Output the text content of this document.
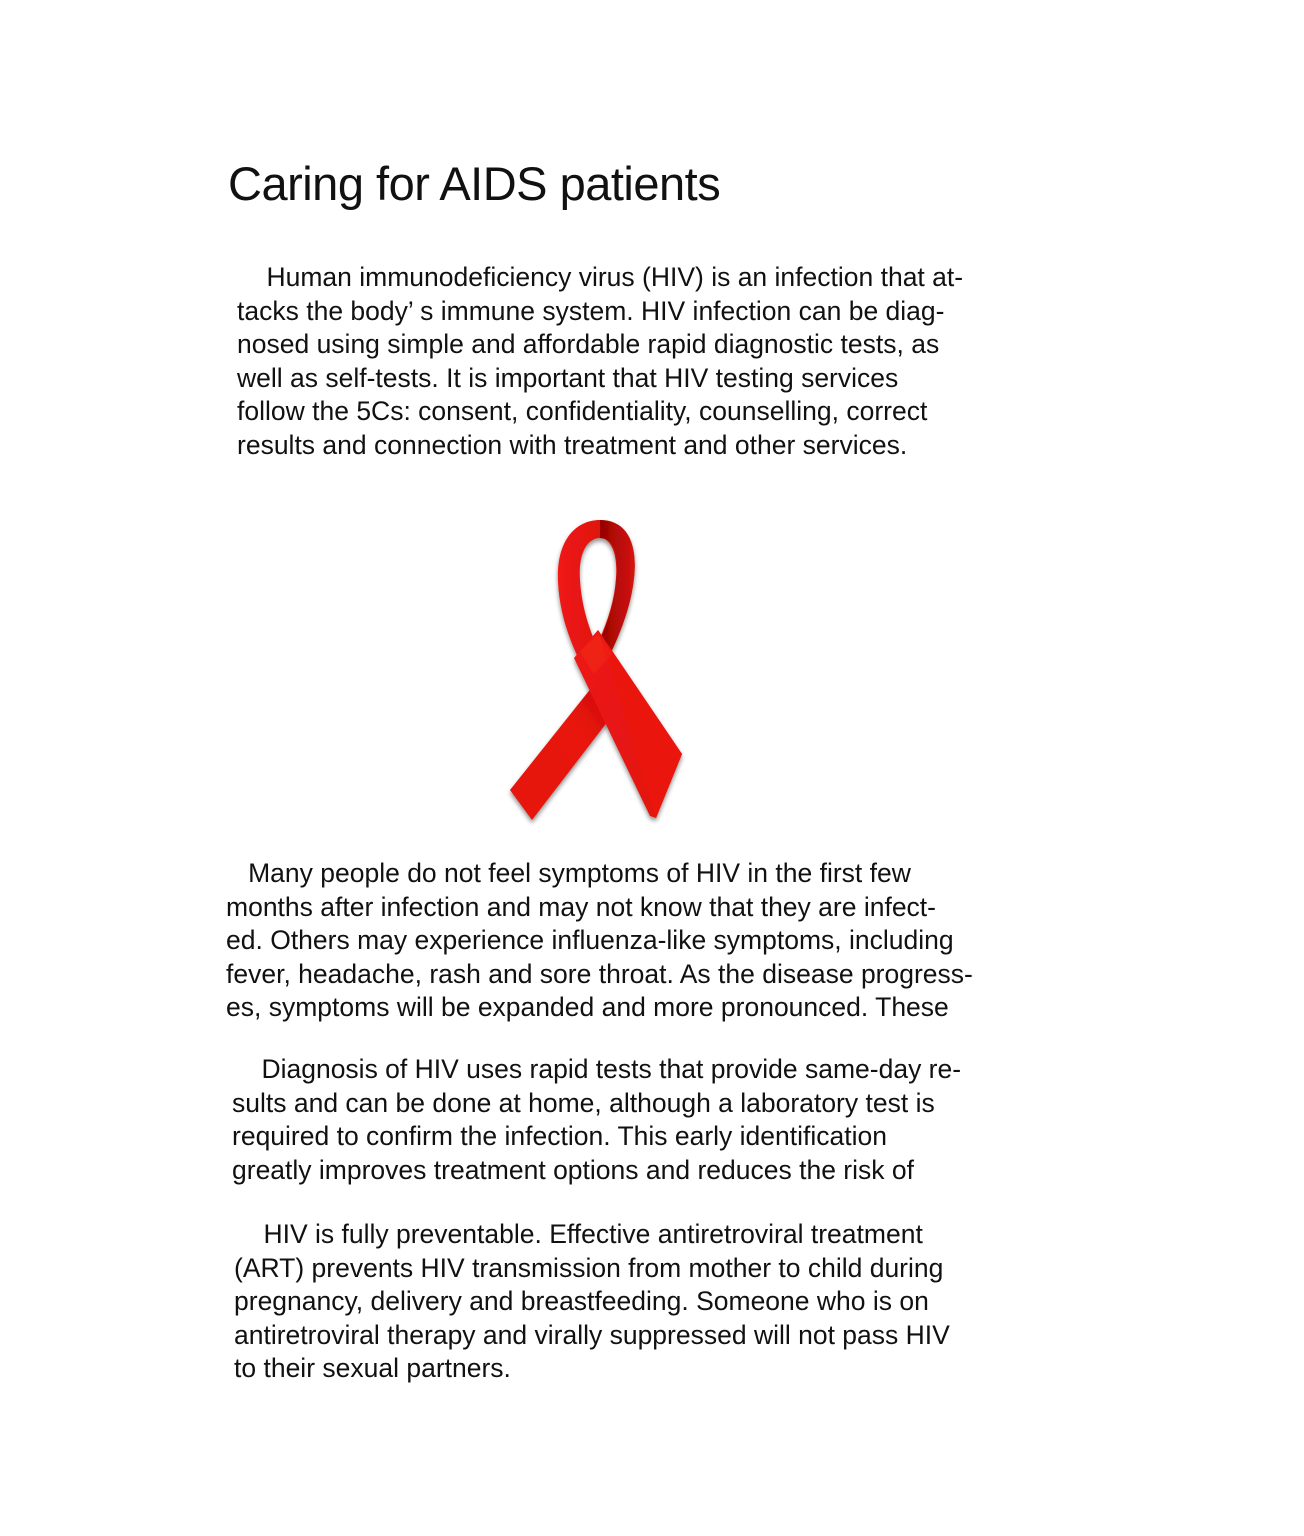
Caring for AIDS patients
Human immunodeficiency virus (HIV) is an infection that at-
tacks the body’ s immune system. HIV infection can be diag-
nosed using simple and affordable rapid diagnostic tests, as
well as self-tests. It is important that HIV testing services
follow the 5Cs: consent, confidentiality, counselling, correct
results and connection with treatment and other services.
Many people do not feel symptoms of HIV in the first few
months after infection and may not know that they are infect-
ed. Others may experience influenza-like symptoms, including
fever, headache, rash and sore throat. As the disease progress-
es, symptoms will be expanded and more pronounced. These
Diagnosis of HIV uses rapid tests that provide same-day re-
sults and can be done at home, although a laboratory test is
required to confirm the infection. This early identification
greatly improves treatment options and reduces the risk of
HIV is fully preventable. Effective antiretroviral treatment
(ART) prevents HIV transmission from mother to child during
pregnancy, delivery and breastfeeding. Someone who is on
antiretroviral therapy and virally suppressed will not pass HIV
to their sexual partners.
